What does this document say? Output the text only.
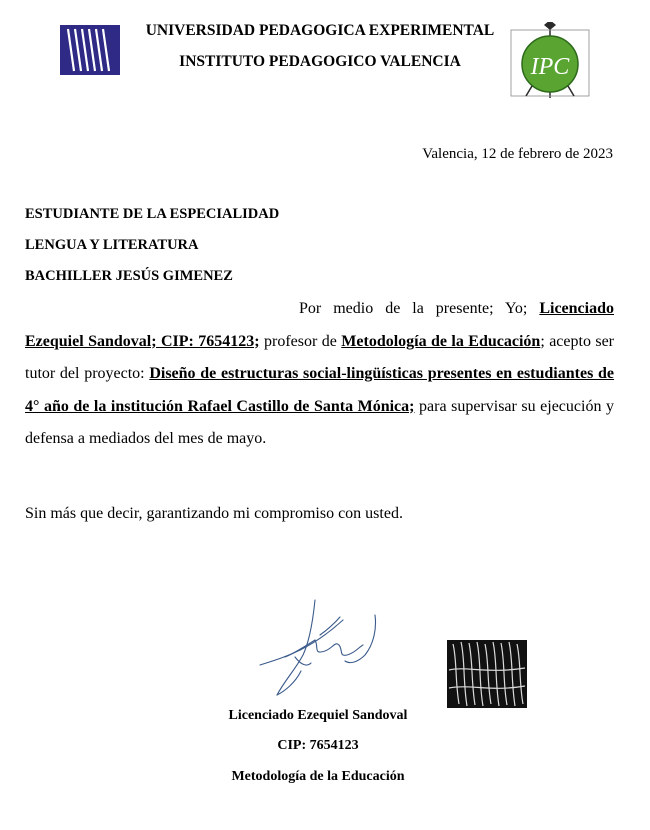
UNIVERSIDAD PEDAGOGICA EXPERIMENTAL
INSTITUTO PEDAGOGICO VALENCIA	IPC
Valencia, 12 de febrero de 2023
ESTUDIANTE DE LA ESPECIALIDAD
LENGUA Y LITERATURA
BACHILLER JESÚS GIMENEZ
Por medio de la presente; Yo; Licenciado Ezequiel Sandoval; CIP: 7654123; profesor de Metodología de la Educación; acepto ser tutor del proyecto: Diseño de estructuras social-lingüísticas presentes en estudiantes de 4° año de la institución Rafael Castillo de Santa Mónica; para supervisar su ejecución y defensa a mediados del mes de mayo.
Sin más que decir, garantizando mi compromiso con usted.
Licenciado Ezequiel Sandoval
CIP: 7654123
Metodología de la Educación
